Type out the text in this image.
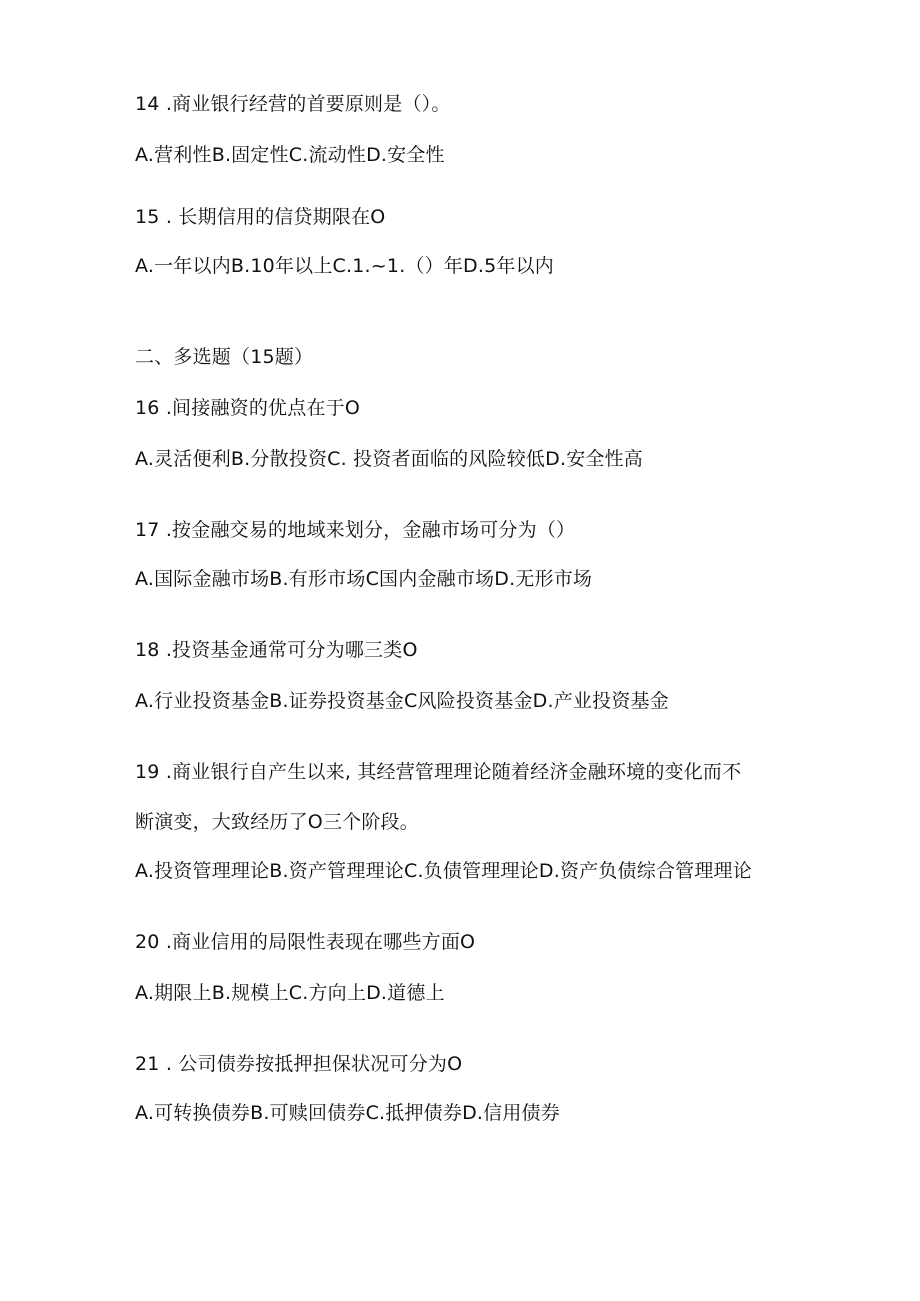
14 .商业银行经营的首要原则是（）。
A.营利性B.固定性C.流动性D.安全性
15 . 长期信用的信贷期限在O
A.一年以内B.10年以上C.1.~1.（）年D.5年以内
二、多选题（15题）
16 .间接融资的优点在于O
A.灵活便利B.分散投资C. 投资者面临的风险较低D.安全性高
17 .按金融交易的地域来划分，金融市场可分为（）
A.国际金融市场B.有形市场C国内金融市场D.无形市场
18 .投资基金通常可分为哪三类O
A.行业投资基金B.证券投资基金C风险投资基金D.产业投资基金
19 .商业银行自产生以来, 其经营管理理论随着经济金融环境的变化而不
断演变，大致经历了O三个阶段。
A.投资管理理论B.资产管理理论C.负债管理理论D.资产负债综合管理理论
20 .商业信用的局限性表现在哪些方面O
A.期限上B.规模上C.方向上D.道德上
21 . 公司债券按抵押担保状况可分为O
A.可转换债券B.可赎回债券C.抵押债券D.信用债券
